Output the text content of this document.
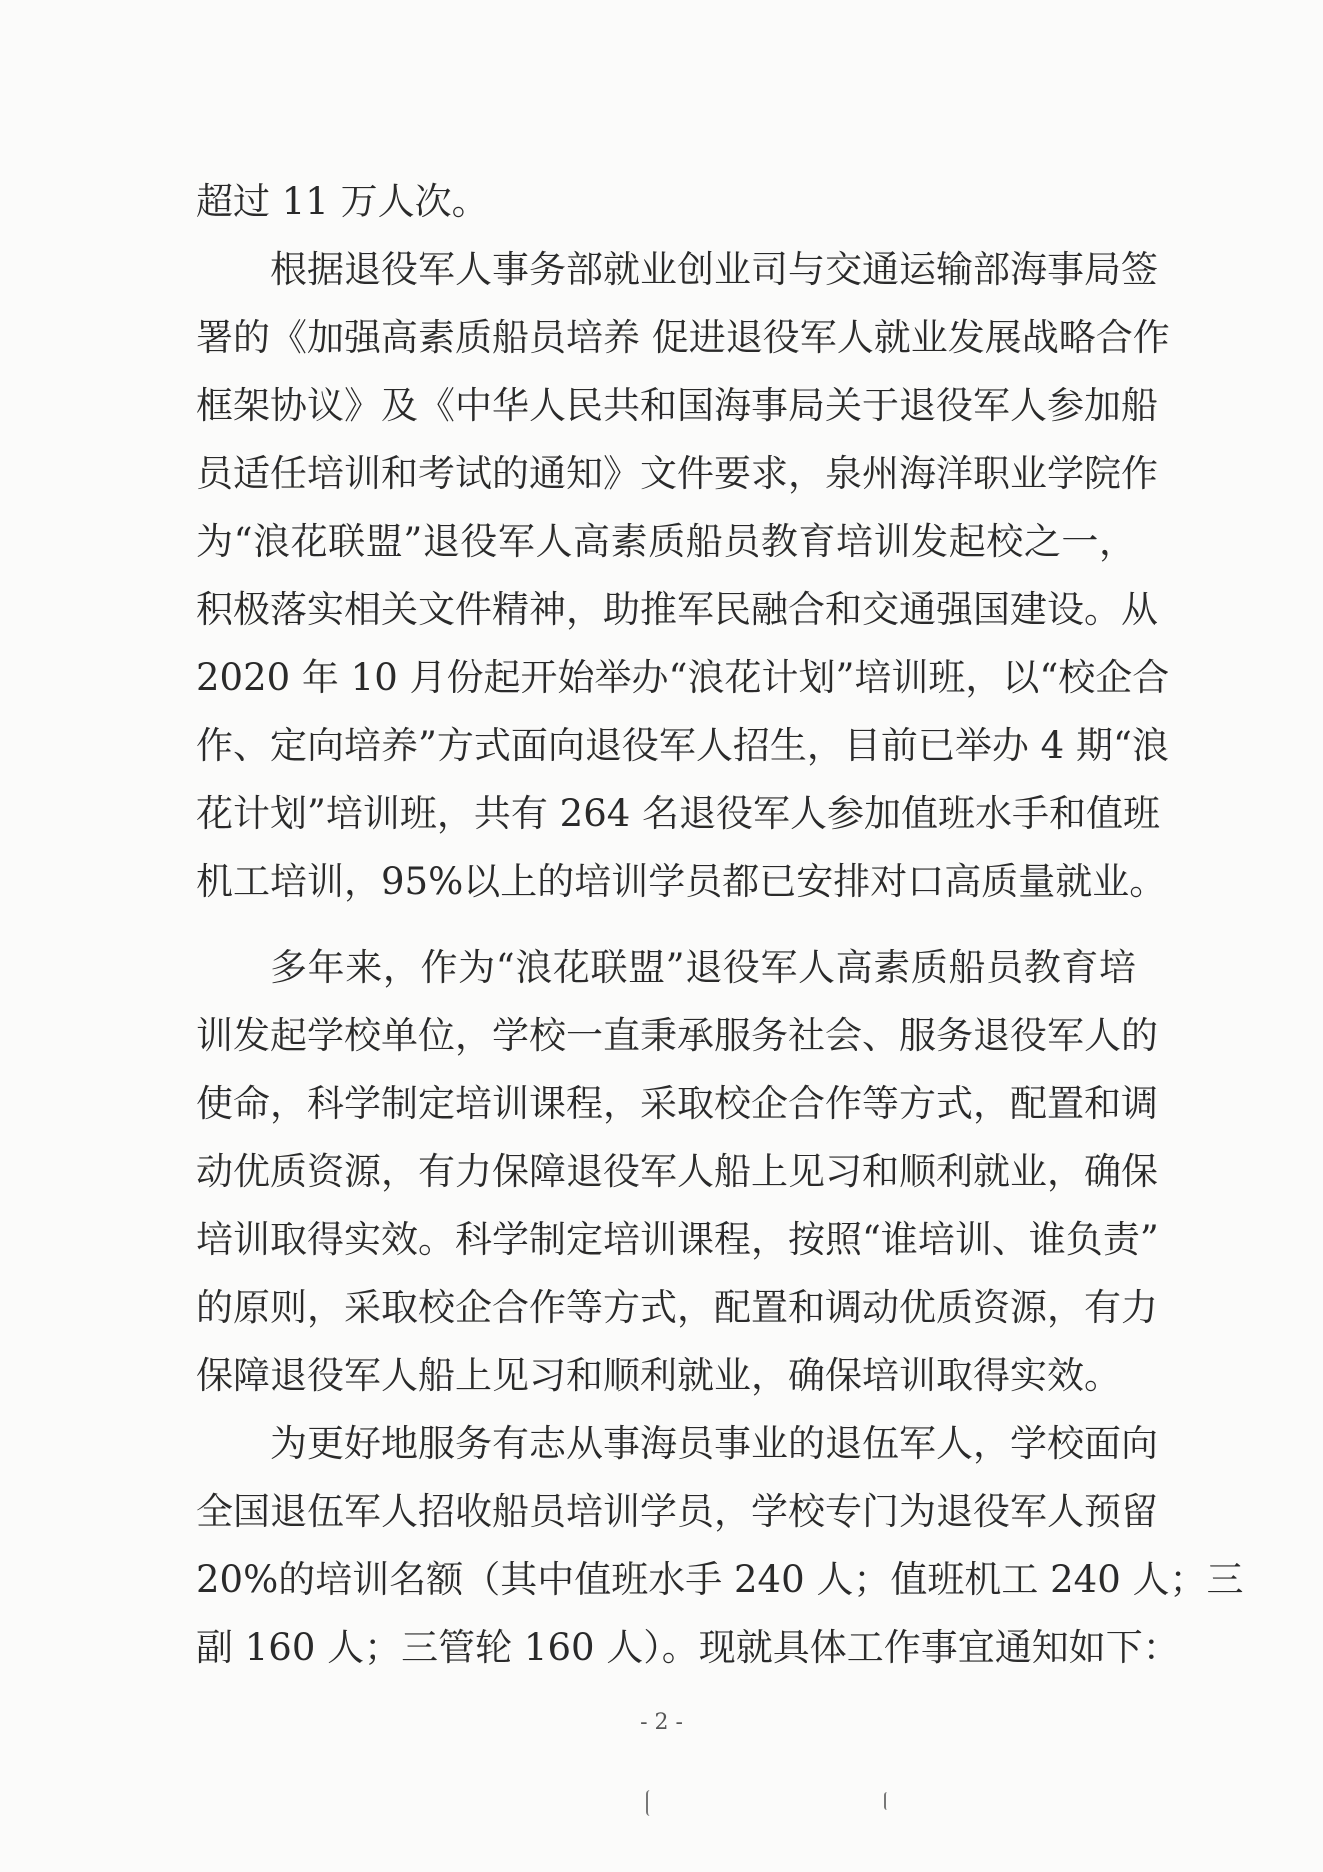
超过 11 万人次。
根据退役军人事务部就业创业司与交通运输部海事局签
署的《加强高素质船员培养 促进退役军人就业发展战略合作
框架协议》及《中华人民共和国海事局关于退役军人参加船
员适任培训和考试的通知》文件要求，泉州海洋职业学院作
为“浪花联盟”退役军人高素质船员教育培训发起校之一，
积极落实相关文件精神，助推军民融合和交通强国建设。从
2020 年 10 月份起开始举办“浪花计划”培训班，以“校企合
作、定向培养”方式面向退役军人招生，目前已举办 4 期“浪
花计划”培训班，共有 264 名退役军人参加值班水手和值班
机工培训，95%以上的培训学员都已安排对口高质量就业。
多年来，作为“浪花联盟”退役军人高素质船员教育培
训发起学校单位，学校一直秉承服务社会、服务退役军人的
使命，科学制定培训课程，采取校企合作等方式，配置和调
动优质资源，有力保障退役军人船上见习和顺利就业，确保
培训取得实效。科学制定培训课程，按照“谁培训、谁负责”
的原则，采取校企合作等方式，配置和调动优质资源，有力
保障退役军人船上见习和顺利就业，确保培训取得实效。
为更好地服务有志从事海员事业的退伍军人，学校面向
全国退伍军人招收船员培训学员，学校专门为退役军人预留
20%的培训名额（其中值班水手 240 人；值班机工 240 人；三
副 160 人；三管轮 160 人）。现就具体工作事宜通知如下：
- 2 -
